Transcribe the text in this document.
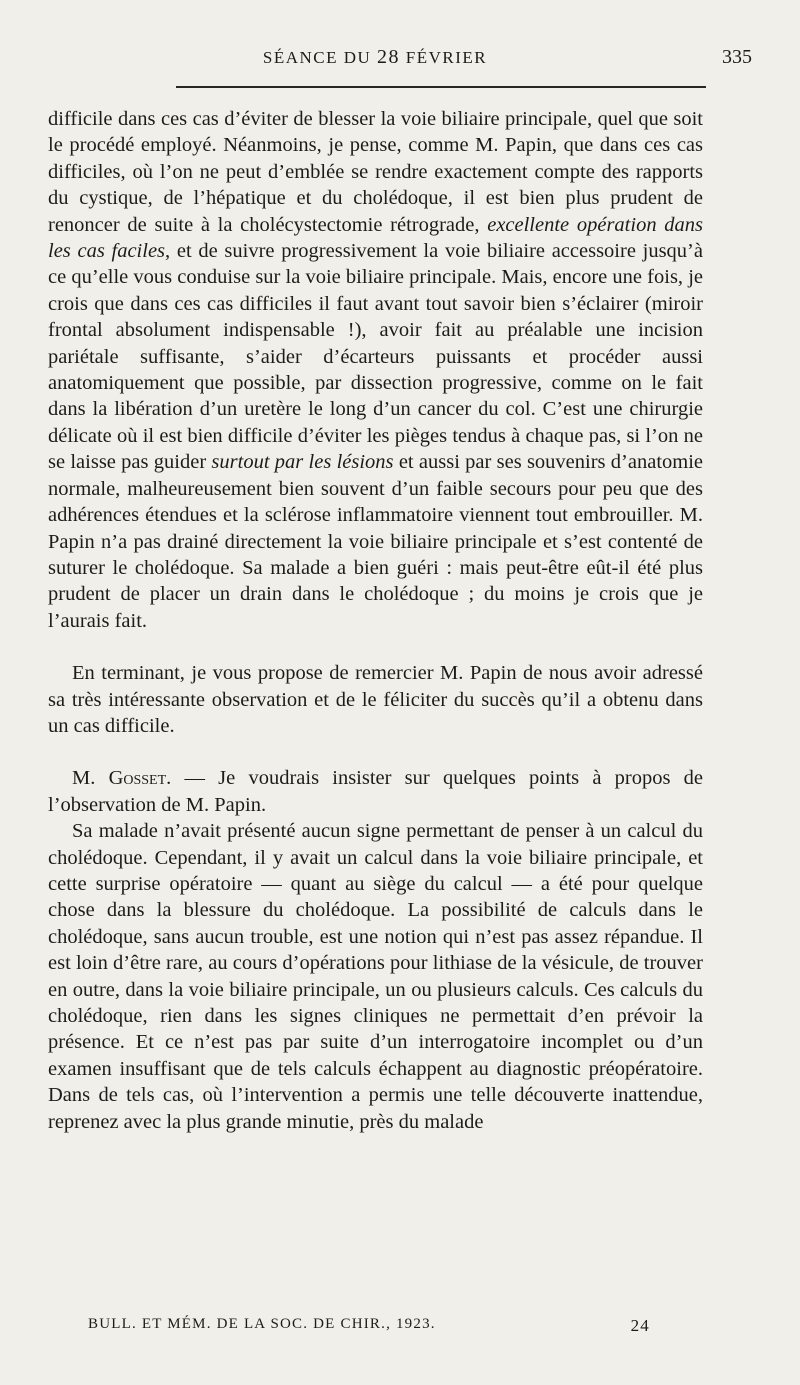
SÉANCE DU 28 FÉVRIER	335

difficile dans ces cas d’éviter de blesser la voie biliaire principale, quel que soit le procédé employé. Néanmoins, je pense, comme M. Papin, que dans ces cas difficiles, où l’on ne peut d’emblée se rendre exactement compte des rapports du cystique, de l’hépatique et du cholédoque, il est bien plus prudent de renoncer de suite à la cholécystectomie rétrograde, excellente opération dans les cas faciles, et de suivre progressivement la voie biliaire accessoire jusqu’à ce qu’elle vous conduise sur la voie biliaire principale. Mais, encore une fois, je crois que dans ces cas difficiles il faut avant tout savoir bien s’éclairer (miroir frontal absolument indispensable !), avoir fait au préalable une incision pariétale suffisante, s’aider d’écarteurs puissants et procéder aussi anatomiquement que possible, par dissection progressive, comme on le fait dans la libération d’un uretère le long d’un cancer du col. C’est une chirurgie délicate où il est bien difficile d’éviter les pièges tendus à chaque pas, si l’on ne se laisse pas guider surtout par les lésions et aussi par ses souvenirs d’anatomie normale, malheureusement bien souvent d’un faible secours pour peu que des adhérences étendues et la sclérose inflammatoire viennent tout embrouiller. M. Papin n’a pas drainé directement la voie biliaire principale et s’est contenté de suturer le cholédoque. Sa malade a bien guéri : mais peut-être eût-il été plus prudent de placer un drain dans le cholédoque ; du moins je crois que je l’aurais fait.

En terminant, je vous propose de remercier M. Papin de nous avoir adressé sa très intéressante observation et de le féliciter du succès qu’il a obtenu dans un cas difficile.

M. Gosset. — Je voudrais insister sur quelques points à propos de l’observation de M. Papin.

Sa malade n’avait présenté aucun signe permettant de penser à un calcul du cholédoque. Cependant, il y avait un calcul dans la voie biliaire principale, et cette surprise opératoire — quant au siège du calcul — a été pour quelque chose dans la blessure du cholédoque. La possibilité de calculs dans le cholédoque, sans aucun trouble, est une notion qui n’est pas assez répandue. Il est loin d’être rare, au cours d’opérations pour lithiase de la vésicule, de trouver en outre, dans la voie biliaire principale, un ou plusieurs calculs. Ces calculs du cholédoque, rien dans les signes cliniques ne permettait d’en prévoir la présence. Et ce n’est pas par suite d’un interrogatoire incomplet ou d’un examen insuffisant que de tels calculs échappent au diagnostic préopératoire. Dans de tels cas, où l’intervention a permis une telle découverte inattendue, reprenez avec la plus grande minutie, près du malade

BULL. ET MÉM. DE LA SOC. DE CHIR., 1923.	24
